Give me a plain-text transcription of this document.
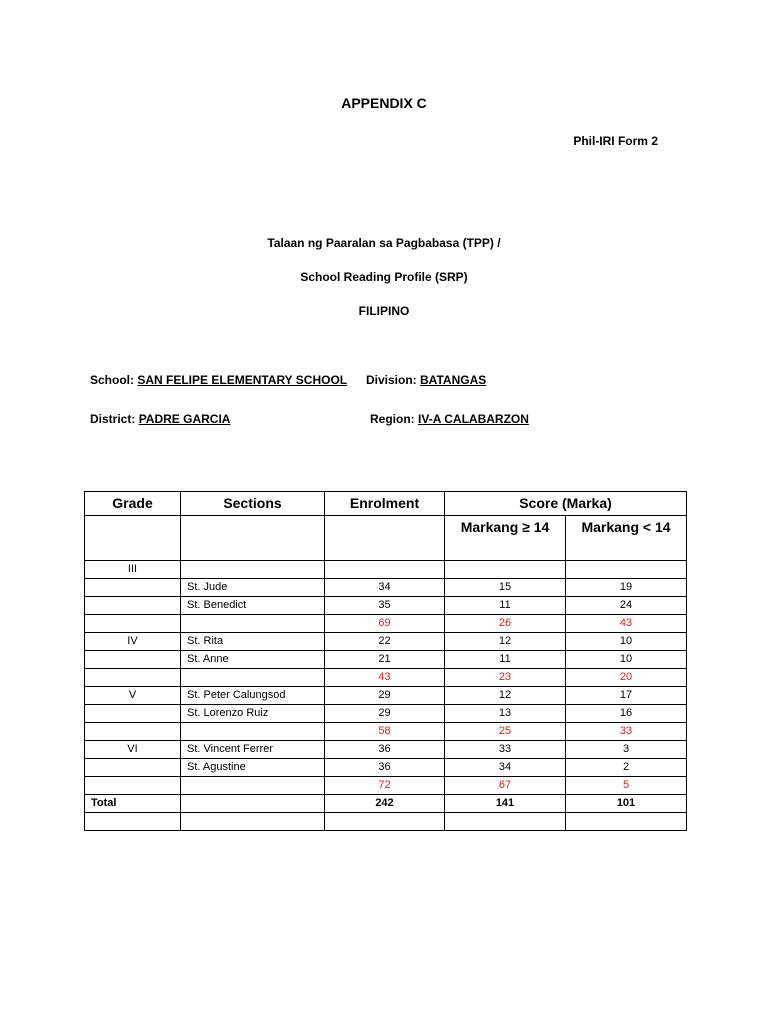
APPENDIX C
Phil-IRI Form 2
Talaan ng Paaralan sa Pagbabasa (TPP) /
School Reading Profile (SRP)
FILIPINO
School: SAN FELIPE ELEMENTARY SCHOOL Division: BATANGAS
District: PADRE GARCIA	Region: IV-A CALABARZON
Grade	Sections	Enrolment	Score (Marka)	
			Markang ≥ 14	Markang < 14
III				
	St. Jude	34	15	19
	St. Benedict	35	11	24
		69	26	43
IV	St. Rita	22	12	10
	St. Anne	21	11	10
		43	23	20
V	St. Peter Calungsod	29	12	17
	St. Lorenzo Ruiz	29	13	16
		58	25	33
VI	St. Vincent Ferrer	36	33	3
	St. Agustine	36	34	2
		72	67	5
Total		242	141	101
